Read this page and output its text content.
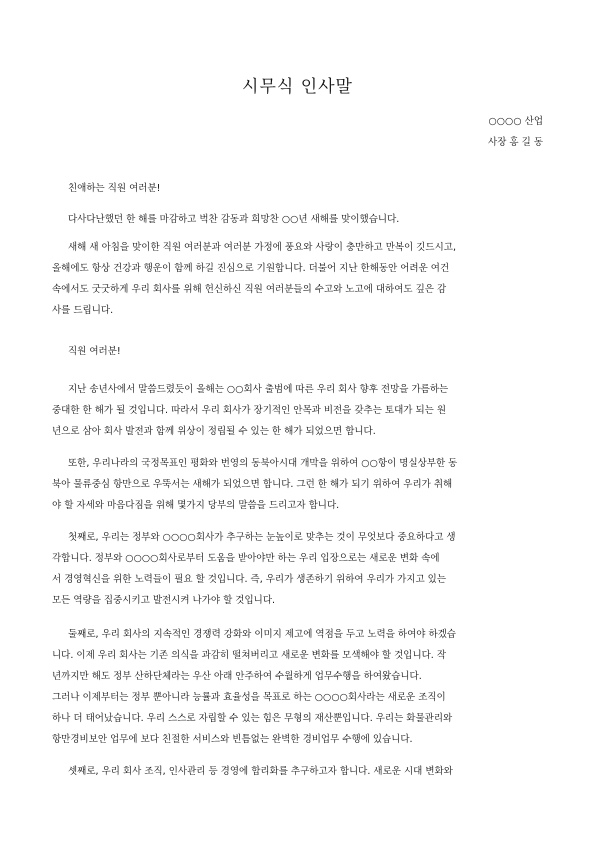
시무식 인사말
○○○○ 산업
사장 홍 길 동
친애하는 직원 여러분!
다사다난했던 한 해를 마감하고 벅찬 감동과 희망찬 ○○년 새해를 맞이했습니다.
새해 새 아침을 맞이한 직원 여러분과 여러분 가정에 풍요와 사랑이 충만하고 만복이 깃드시고,
올해에도 항상 건강과 행운이 함께 하길 진심으로 기원합니다. 더불어 지난 한해동안 어려운 여건
속에서도 굿굿하게 우리 회사를 위해 헌신하신 직원 여러분들의 수고와 노고에 대하여도 깊은 감
사를 드립니다.
직원 여러분!
지난 송년사에서 말씀드렸듯이 올해는 ○○회사 출범에 따른 우리 회사 향후 전망을 가름하는
중대한 한 해가 될 것입니다. 따라서 우리 회사가 장기적인 안목과 비전을 갖추는 토대가 되는 원
년으로 삼아 회사 발전과 함께 위상이 정립될 수 있는 한 해가 되었으면 합니다.
또한, 우리나라의 국정목표인 평화와 번영의 동북아시대 개막을 위하여 ○○항이 명실상부한 동
북아 물류중심 항만으로 우뚝서는 새해가 되었으면 합니다. 그런 한 해가 되기 위하여 우리가 취해
야 할 자세와 마음다짐을 위해 몇가지 당부의 말씀을 드리고자 합니다.
첫째로, 우리는 정부와 ○○○○회사가 추구하는 눈높이로 맞추는 것이 무엇보다 중요하다고 생
각합니다. 정부와 ○○○○회사로부터 도움을 받아야만 하는 우리 입장으로는 새로운 변화 속에
서 경영혁신을 위한 노력들이 필요 할 것입니다. 즉, 우리가 생존하기 위하여 우리가 가지고 있는
모든 역량을 집중시키고 발전시켜 나가야 할 것입니다.
둘째로, 우리 회사의 지속적인 경쟁력 강화와 이미지 제고에 역점을 두고 노력을 하여야 하겠습
니다. 이제 우리 회사는 기존 의식을 과감히 떨쳐버리고 새로운 변화를 모색해야 할 것입니다. 작
년까지만 해도 정부 산하단체라는 우산 아래 안주하여 수월하게 업무수행을 하여왔습니다.
그러나 이제부터는 정부 뿐아니라 능률과 효율성을 목표로 하는 ○○○○회사라는 새로운 조직이
하나 더 태어났습니다. 우리 스스로 자립할 수 있는 힘은 무형의 재산뿐입니다. 우리는 화물관리와
항만경비보안 업무에 보다 친절한 서비스와 빈틈없는 완벽한 경비업무 수행에 있습니다.
셋째로, 우리 회사 조직, 인사관리 등 경영에 합리화를 추구하고자 합니다. 새로운 시대 변화와
